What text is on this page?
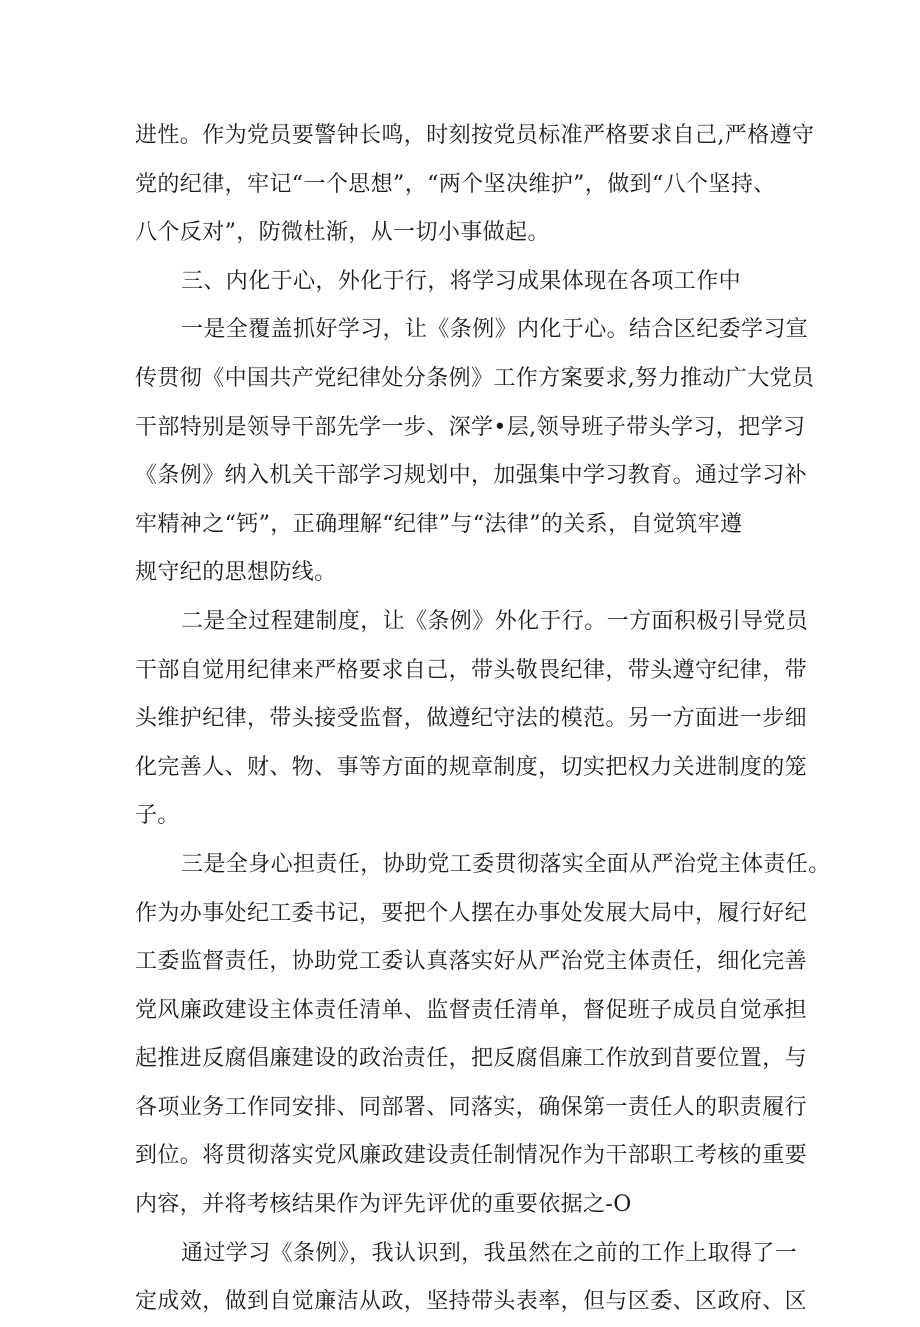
进性。作为党员要警钟长鸣，时刻按党员标准严格要求自己,严格遵守
党的纪律，牢记“一个思想”，“两个坚决维护”，做到“八个坚持、
八个反对”，防微杜渐，从一切小事做起。
三、内化于心，外化于行，将学习成果体现在各项工作中
一是全覆盖抓好学习，让《条例》内化于心。结合区纪委学习宣
传贯彻《中国共产党纪律处分条例》工作方案要求,努力推动广大党员
干部特别是领导干部先学一步、深学•层,领导班子带头学习，把学习
《条例》纳入机关干部学习规划中，加强集中学习教育。通过学习补
牢精神之“钙”，正确理解“纪律”与“法律”的关系，自觉筑牢遵
规守纪的思想防线。
二是全过程建制度，让《条例》外化于行。一方面积极引导党员
干部自觉用纪律来严格要求自己，带头敬畏纪律，带头遵守纪律，带
头维护纪律，带头接受监督，做遵纪守法的模范。另一方面进一步细
化完善人、财、物、事等方面的规章制度，切实把权力关进制度的笼
子。
三是全身心担责任，协助党工委贯彻落实全面从严治党主体责任。
作为办事处纪工委书记，要把个人摆在办事处发展大局中，履行好纪
工委监督责任，协助党工委认真落实好从严治党主体责任，细化完善
党风廉政建设主体责任清单、监督责任清单，督促班子成员自觉承担
起推进反腐倡廉建设的政治责任，把反腐倡廉工作放到苜要位置，与
各项业务工作同安排、同部署、同落实，确保第一责任人的职责履行
到位。将贯彻落实党风廉政建设责任制情况作为干部职工考核的重要
内容，并将考核结果作为评先评优的重要依据之-O
通过学习《条例》，我认识到，我虽然在之前的工作上取得了一
定成效，做到自觉廉洁从政，坚持带头表率，但与区委、区政府、区
